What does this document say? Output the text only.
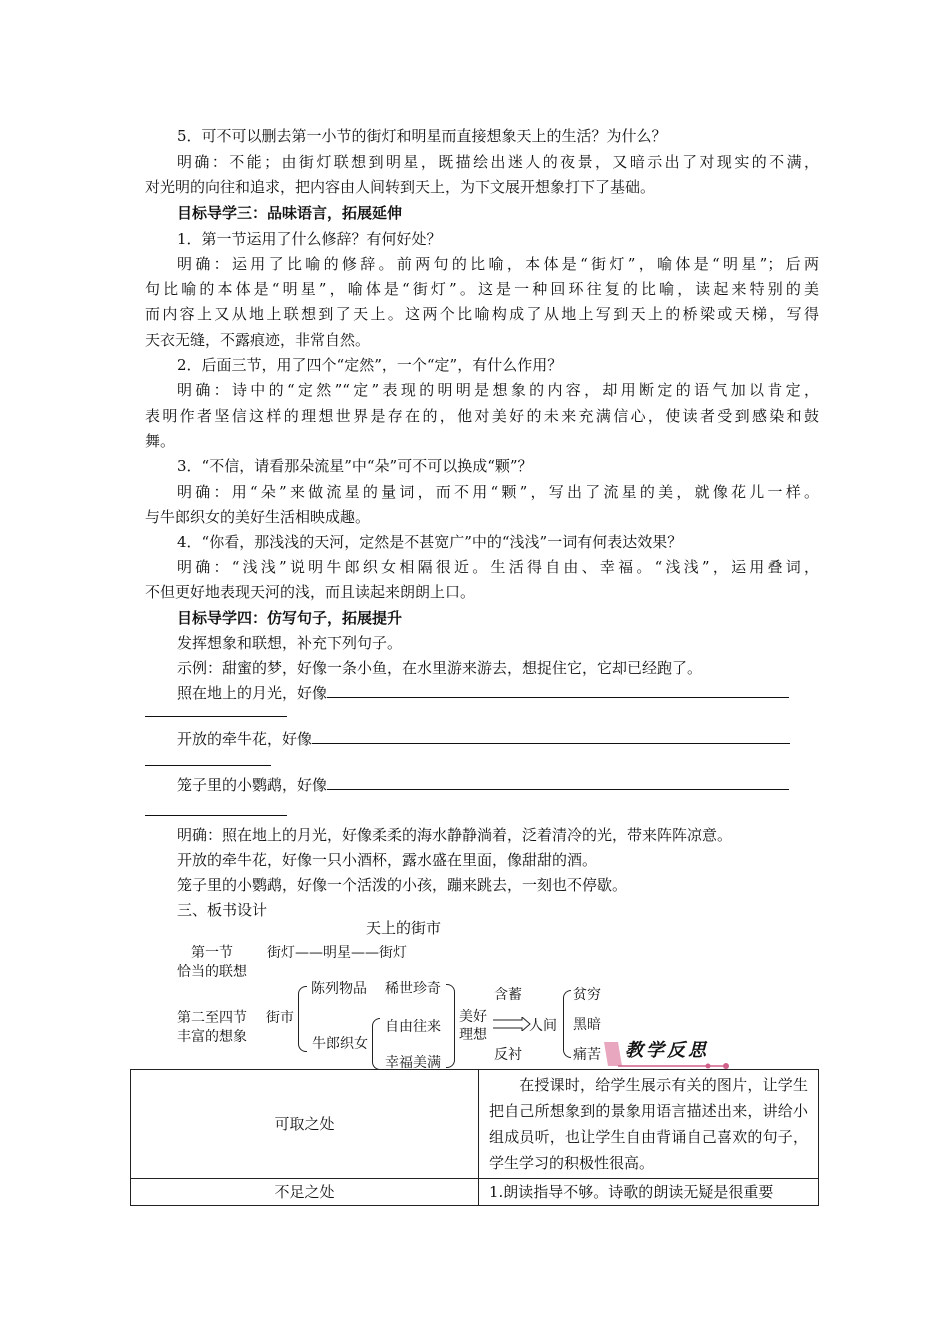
5．可不可以删去第一小节的街灯和明星而直接想象天上的生活？为什么？
明确：不能；由街灯联想到明星，既描绘出迷人的夜景，又暗示出了对现实的不满，
对光明的向往和追求，把内容由人间转到天上，为下文展开想象打下了基础。
目标导学三：品味语言，拓展延伸
1．第一节运用了什么修辞？有何好处？
明确：运用了比喻的修辞。前两句的比喻，本体是“街灯”，喻体是“明星”；后两
句比喻的本体是“明星”，喻体是“街灯”。这是一种回环往复的比喻，读起来特别的美
而内容上又从地上联想到了天上。这两个比喻构成了从地上写到天上的桥梁或天梯，写得
天衣无缝，不露痕迹，非常自然。
2．后面三节，用了四个“定然”，一个“定”，有什么作用？
明确：诗中的“定然”“定”表现的明明是想象的内容，却用断定的语气加以肯定，
表明作者坚信这样的理想世界是存在的，他对美好的未来充满信心，使读者受到感染和鼓
舞。
3．“不信，请看那朵流星”中“朵”可不可以换成“颗”？
明确：用“朵”来做流星的量词，而不用“颗”，写出了流星的美，就像花儿一样。
与牛郎织女的美好生活相映成趣。
4．“你看，那浅浅的天河，定然是不甚宽广”中的“浅浅”一词有何表达效果？
明确：“浅浅”说明牛郎织女相隔很近。生活得自由、幸福。“浅浅”，运用叠词，
不但更好地表现天河的浅，而且读起来朗朗上口。
目标导学四：仿写句子，拓展提升
发挥想象和联想，补充下列句子。
示例：甜蜜的梦，好像一条小鱼，在水里游来游去，想捉住它，它却已经跑了。
照在地上的月光，好像
开放的牵牛花，好像
笼子里的小鹦鹉，好像
明确：照在地上的月光，好像柔柔的海水静静淌着，泛着清冷的光，带来阵阵凉意。
开放的牵牛花，好像一只小酒杯，露水盛在里面，像甜甜的酒。
笼子里的小鹦鹉，好像一个活泼的小孩，蹦来跳去，一刻也不停歇。
三、板书设计
天上的街市
第一节
恰当的联想
街灯——明星——街灯
第二至四节
丰富的想象
街市
陈列物品 稀世珍奇
牛郎织女
自由往来
幸福美满
美好
理想
含蓄
反衬
人间
贫穷
黑暗
痛苦 教学反思
可取之处	在授课时，给学生展示有关的图片，让学生把自己所想象到的景象用语言描述出来，讲给小组成员听，也让学生自由背诵自己喜欢的句子，学生学习的积极性很高。
不足之处	1.朗读指导不够。诗歌的朗读无疑是很重要
